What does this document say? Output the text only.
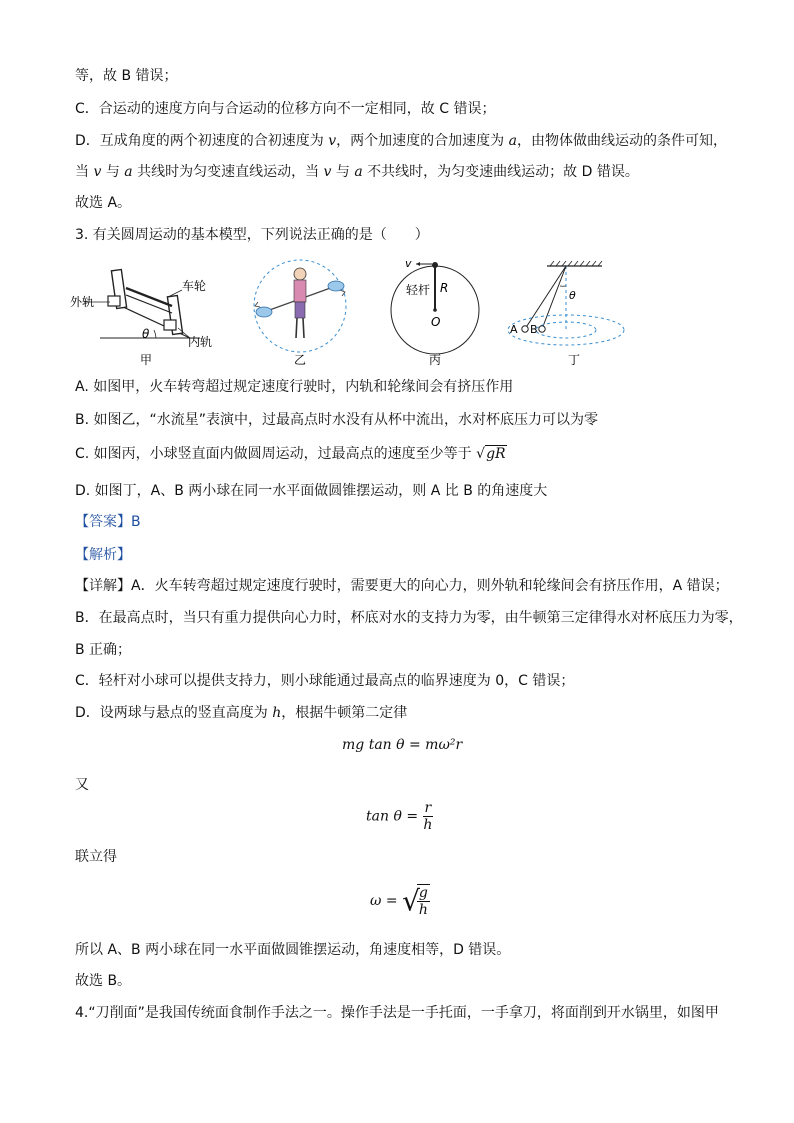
等，故 B 错误；
C．合运动的速度方向与合运动的位移方向不一定相同，故 C 错误；
D．互成角度的两个初速度的合初速度为 v，两个加速度的合加速度为 a，由物体做曲线运动的条件可知，
当 v 与 a 共线时为匀变速直线运动，当 v 与 a 不共线时，为匀变速曲线运动；故 D 错误。
故选 A。
3. 有关圆周运动的基本模型，下列说法正确的是（　　）
外轨
车轮
内轨
θ
甲	乙
v
轻杆 R
O
丙
θ
A B
丁
A. 如图甲，火车转弯超过规定速度行驶时，内轨和轮缘间会有挤压作用
B. 如图乙，“水流星”表演中，过最高点时水没有从杯中流出，水对杯底压力可以为零
C. 如图丙，小球竖直面内做圆周运动，过最高点的速度至少等于 √gR
D. 如图丁，A、B 两小球在同一水平面做圆锥摆运动，则 A 比 B 的角速度大
【答案】B
【解析】
【详解】A．火车转弯超过规定速度行驶时，需要更大的向心力，则外轨和轮缘间会有挤压作用，A 错误；
B．在最高点时，当只有重力提供向心力时，杯底对水的支持力为零，由牛顿第三定律得水对杯底压力为零，
B 正确；
C．轻杆对小球可以提供支持力，则小球能通过最高点的临界速度为 0，C 错误；
D．设两球与悬点的竖直高度为 h，根据牛顿第二定律
mg tan θ = mω²r
又
$\tan \theta = \frac{r}{h}$
联立得
ω = √
$\frac{g}{h}$
所以 A、B 两小球在同一水平面做圆锥摆运动，角速度相等，D 错误。
故选 B。
4.“刀削面”是我国传统面食制作手法之一。操作手法是一手托面，一手拿刀，将面削到开水锅里，如图甲
